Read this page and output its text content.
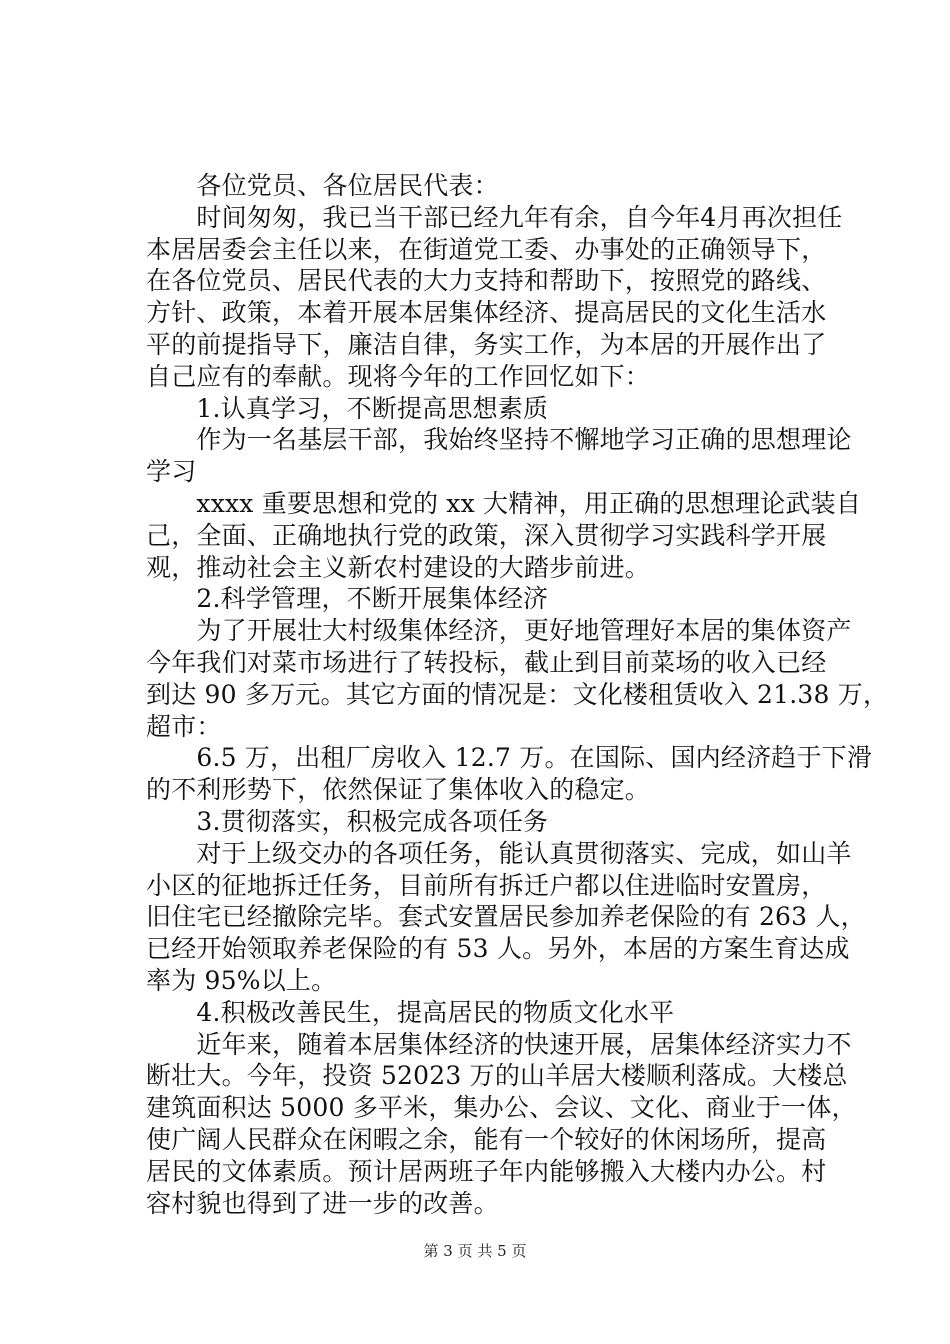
　　各位党员、各位居民代表：
　　时间匆匆，我已当干部已经九年有余，自今年4月再次担任
本居居委会主任以来，在街道党工委、办事处的正确领导下，
在各位党员、居民代表的大力支持和帮助下，按照党的路线、
方针、政策，本着开展本居集体经济、提高居民的文化生活水
平的前提指导下，廉洁自律，务实工作，为本居的开展作出了
自己应有的奉献。现将今年的工作回忆如下：
　　1.认真学习，不断提高思想素质
　　作为一名基层干部，我始终坚持不懈地学习正确的思想理论
学习
　　xxxx 重要思想和党的 xx 大精神，用正确的思想理论武装自
己，全面、正确地执行党的政策，深入贯彻学习实践科学开展
观，推动社会主义新农村建设的大踏步前进。
　　2.科学管理，不断开展集体经济
　　为了开展壮大村级集体经济，更好地管理好本居的集体资产
今年我们对菜市场进行了转投标，截止到目前菜场的收入已经
到达 90 多万元。其它方面的情况是：文化楼租赁收入 21.38 万，
超市：
　　6.5 万，出租厂房收入 12.7 万。在国际、国内经济趋于下滑
的不利形势下，依然保证了集体收入的稳定。
　　3.贯彻落实，积极完成各项任务
　　对于上级交办的各项任务，能认真贯彻落实、完成，如山羊
小区的征地拆迁任务，目前所有拆迁户都以住进临时安置房，
旧住宅已经撤除完毕。套式安置居民参加养老保险的有 263 人，
已经开始领取养老保险的有 53 人。另外，本居的方案生育达成
率为 95%以上。
　　4.积极改善民生，提高居民的物质文化水平
　　近年来，随着本居集体经济的快速开展，居集体经济实力不
断壮大。今年，投资 52023 万的山羊居大楼顺利落成。大楼总
建筑面积达 5000 多平米，集办公、会议、文化、商业于一体，
使广阔人民群众在闲暇之余，能有一个较好的休闲场所，提高
居民的文体素质。预计居两班子年内能够搬入大楼内办公。村
容村貌也得到了进一步的改善。
第 3 页 共 5 页
